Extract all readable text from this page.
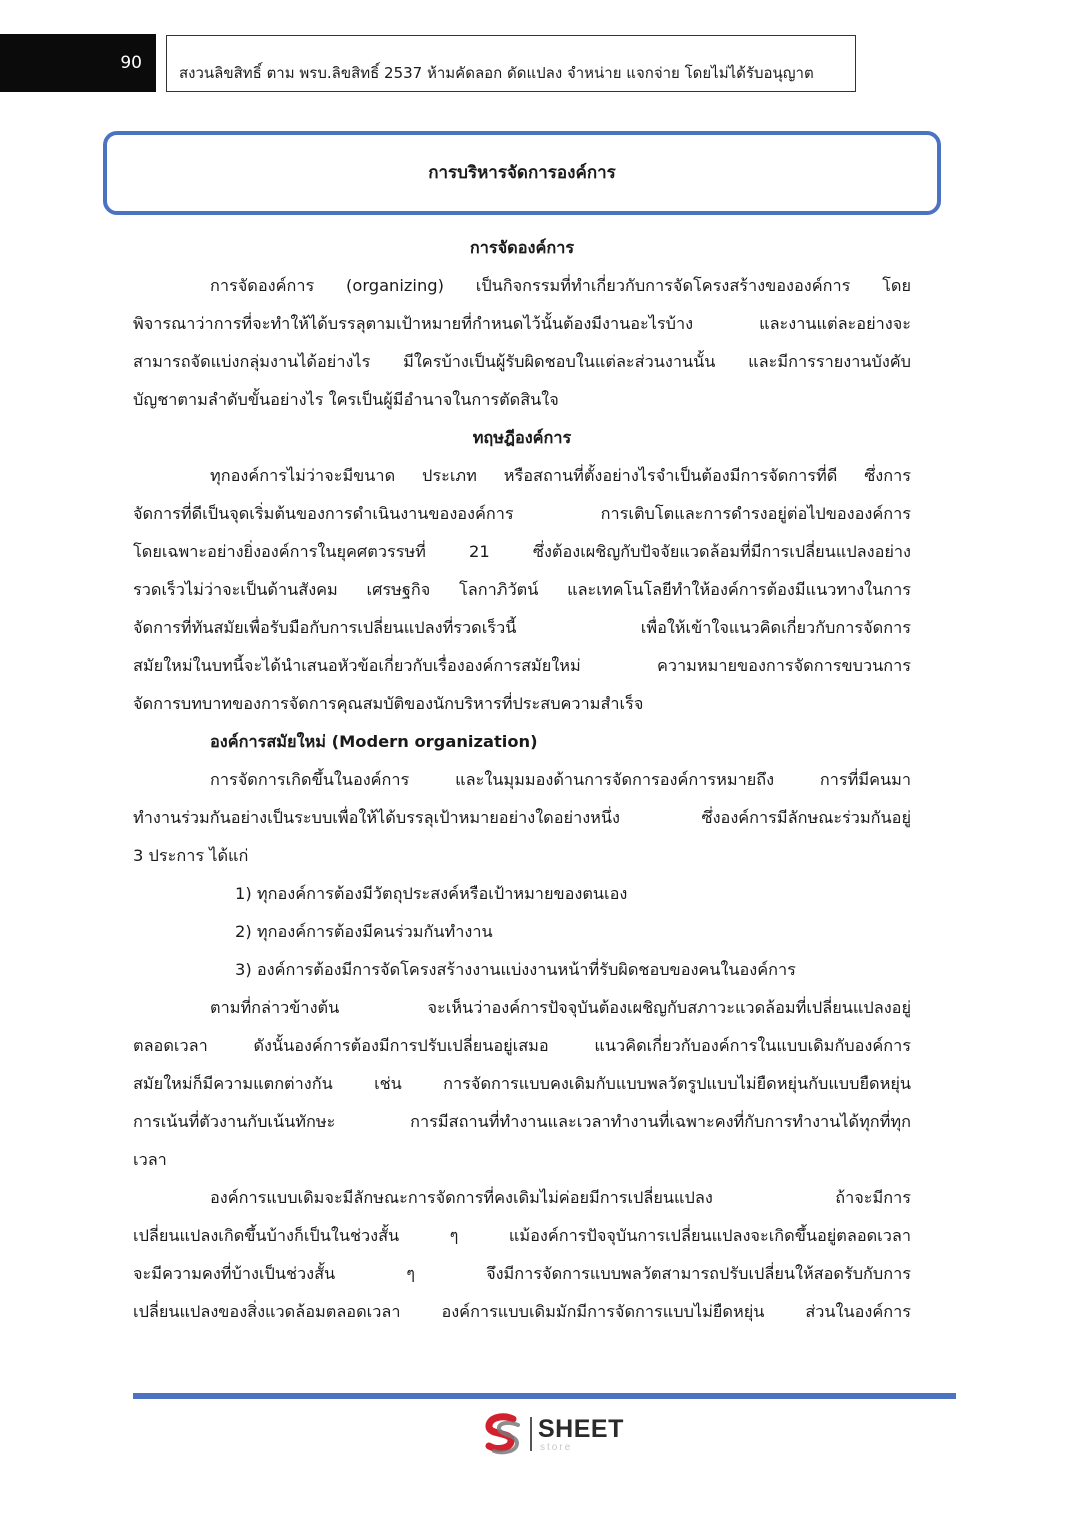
90	สงวนลิขสิทธิ์ ตาม พรบ.ลิขสิทธิ์ 2537 ห้ามคัดลอก ดัดแปลง จำหน่าย แจกจ่าย โดยไม่ได้รับอนุญาต
การบริหารจัดการองค์การ
การจัดองค์การ
การจัดองค์การ (organizing) เป็นกิจกรรมที่ทำเกี่ยวกับการจัดโครงสร้างขององค์การ โดย
พิจารณาว่าการที่จะทำให้ได้บรรลุตามเป้าหมายที่กำหนดไว้นั้นต้องมีงานอะไรบ้าง และงานแต่ละอย่างจะ
สามารถจัดแบ่งกลุ่มงานได้อย่างไร มีใครบ้างเป็นผู้รับผิดชอบในแต่ละส่วนงานนั้น และมีการรายงานบังคับ
บัญชาตามลำดับขั้นอย่างไร ใครเป็นผู้มีอำนาจในการตัดสินใจ
ทฤษฎีองค์การ
ทุกองค์การไม่ว่าจะมีขนาด ประเภท หรือสถานที่ตั้งอย่างไรจำเป็นต้องมีการจัดการที่ดี ซึ่งการ
จัดการที่ดีเป็นจุดเริ่มต้นของการดำเนินงานขององค์การ การเติบโตและการดำรงอยู่ต่อไปขององค์การ
โดยเฉพาะอย่างยิ่งองค์การในยุคศตวรรษที่ 21 ซึ่งต้องเผชิญกับปัจจัยแวดล้อมที่มีการเปลี่ยนแปลงอย่าง
รวดเร็วไม่ว่าจะเป็นด้านสังคม เศรษฐกิจ โลกาภิวัตน์ และเทคโนโลยีทำให้องค์การต้องมีแนวทางในการ
จัดการที่ทันสมัยเพื่อรับมือกับการเปลี่ยนแปลงที่รวดเร็วนี้ เพื่อให้เข้าใจแนวคิดเกี่ยวกับการจัดการ
สมัยใหม่ในบทนี้จะได้นำเสนอหัวข้อเกี่ยวกับเรื่ององค์การสมัยใหม่ ความหมายของการจัดการขบวนการ
จัดการบทบาทของการจัดการคุณสมบัติของนักบริหารที่ประสบความสำเร็จ
องค์การสมัยใหม่ (Modern organization)
การจัดการเกิดขึ้นในองค์การ และในมุมมองด้านการจัดการองค์การหมายถึง การที่มีคนมา
ทำงานร่วมกันอย่างเป็นระบบเพื่อให้ได้บรรลุเป้าหมายอย่างใดอย่างหนึ่ง ซึ่งองค์การมีลักษณะร่วมกันอยู่
3 ประการ ได้แก่
1) ทุกองค์การต้องมีวัตถุประสงค์หรือเป้าหมายของตนเอง
2) ทุกองค์การต้องมีคนร่วมกันทำงาน
3) องค์การต้องมีการจัดโครงสร้างงานแบ่งงานหน้าที่รับผิดชอบของคนในองค์การ
ตามที่กล่าวข้างต้น จะเห็นว่าองค์การปัจจุบันต้องเผชิญกับสภาวะแวดล้อมที่เปลี่ยนแปลงอยู่
ตลอดเวลา ดังนั้นองค์การต้องมีการปรับเปลี่ยนอยู่เสมอ แนวคิดเกี่ยวกับองค์การในแบบเดิมกับองค์การ
สมัยใหม่ก็มีความแตกต่างกัน เช่น การจัดการแบบคงเดิมกับแบบพลวัตรูปแบบไม่ยืดหยุ่นกับแบบยืดหยุ่น
การเน้นที่ตัวงานกับเน้นทักษะ การมีสถานที่ทำงานและเวลาทำงานที่เฉพาะคงที่กับการทำงานได้ทุกที่ทุก
เวลา
องค์การแบบเดิมจะมีลักษณะการจัดการที่คงเดิมไม่ค่อยมีการเปลี่ยนแปลง ถ้าจะมีการ
เปลี่ยนแปลงเกิดขึ้นบ้างก็เป็นในช่วงสั้น ๆ แม้องค์การปัจจุบันการเปลี่ยนแปลงจะเกิดขึ้นอยู่ตลอดเวลา
จะมีความคงที่บ้างเป็นช่วงสั้น ๆ จึงมีการจัดการแบบพลวัตสามารถปรับเปลี่ยนให้สอดรับกับการ
เปลี่ยนแปลงของสิ่งแวดล้อมตลอดเวลา องค์การแบบเดิมมักมีการจัดการแบบไม่ยืดหยุ่น ส่วนในองค์การ
SHEET
store
